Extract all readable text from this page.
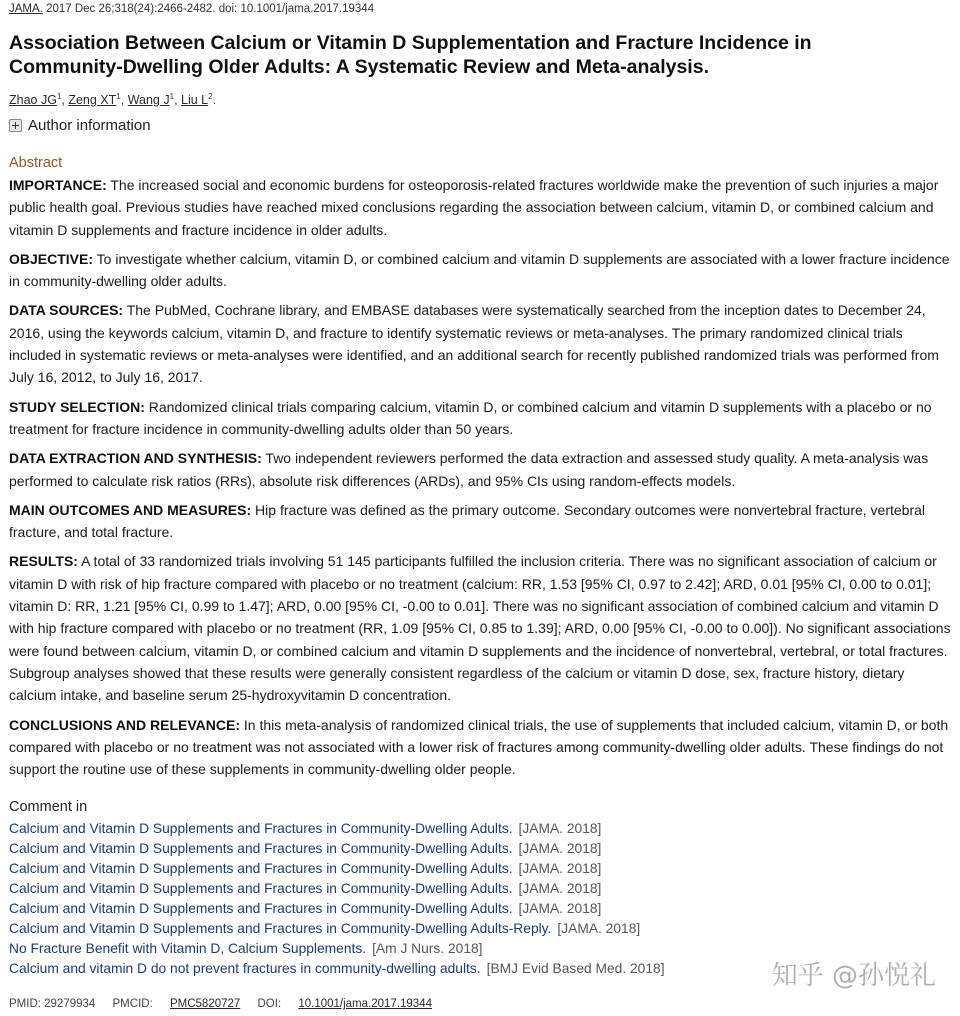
JAMA. 2017 Dec 26;318(24):2466-2482. doi: 10.1001/jama.2017.19344
Association Between Calcium or Vitamin D Supplementation and Fracture Incidence in Community-Dwelling Older Adults: A Systematic Review and Meta-analysis.
Zhao $JG^1$, Zeng $XT^1$, Wang $J^1$, Liu $L^2$.
Author information
Abstract

IMPORTANCE: The increased social and economic burdens for osteoporosis-related fractures worldwide make the prevention of such injuries a major public health goal. Previous studies have reached mixed conclusions regarding the association between calcium, vitamin D, or combined calcium and vitamin D supplements and fracture incidence in older adults.

OBJECTIVE: To investigate whether calcium, vitamin D, or combined calcium and vitamin D supplements are associated with a lower fracture incidence in community-dwelling older adults.

DATA SOURCES: The PubMed, Cochrane library, and EMBASE databases were systematically searched from the inception dates to December 24, 2016, using the keywords calcium, vitamin D, and fracture to identify systematic reviews or meta-analyses. The primary randomized clinical trials included in systematic reviews or meta-analyses were identified, and an additional search for recently published randomized trials was performed from July 16, 2012, to July 16, 2017.

STUDY SELECTION: Randomized clinical trials comparing calcium, vitamin D, or combined calcium and vitamin D supplements with a placebo or no treatment for fracture incidence in community-dwelling adults older than 50 years.

DATA EXTRACTION AND SYNTHESIS: Two independent reviewers performed the data extraction and assessed study quality. A meta-analysis was performed to calculate risk ratios (RRs), absolute risk differences (ARDs), and 95% CIs using random-effects models.

MAIN OUTCOMES AND MEASURES: Hip fracture was defined as the primary outcome. Secondary outcomes were nonvertebral fracture, vertebral fracture, and total fracture.

RESULTS: A total of 33 randomized trials involving 51 145 participants fulfilled the inclusion criteria. There was no significant association of calcium or vitamin D with risk of hip fracture compared with placebo or no treatment (calcium: RR, 1.53 [95% CI, 0.97 to 2.42]; ARD, 0.01 [95% CI, 0.00 to 0.01]; vitamin D: RR, 1.21 [95% CI, 0.99 to 1.47]; ARD, 0.00 [95% CI, -0.00 to 0.01]. There was no significant association of combined calcium and vitamin D with hip fracture compared with placebo or no treatment (RR, 1.09 [95% CI, 0.85 to 1.39]; ARD, 0.00 [95% CI, -0.00 to 0.00]). No significant associations were found between calcium, vitamin D, or combined calcium and vitamin D supplements and the incidence of nonvertebral, vertebral, or total fractures. Subgroup analyses showed that these results were generally consistent regardless of the calcium or vitamin D dose, sex, fracture history, dietary calcium intake, and baseline serum 25-hydroxyvitamin D concentration.

CONCLUSIONS AND RELEVANCE: In this meta-analysis of randomized clinical trials, the use of supplements that included calcium, vitamin D, or both compared with placebo or no treatment was not associated with a lower risk of fractures among community-dwelling older adults. These findings do not support the routine use of these supplements in community-dwelling older people.

Comment in
Calcium and Vitamin D Supplements and Fractures in Community-Dwelling Adults. [JAMA. 2018]
Calcium and Vitamin D Supplements and Fractures in Community-Dwelling Adults. [JAMA. 2018]
Calcium and Vitamin D Supplements and Fractures in Community-Dwelling Adults. [JAMA. 2018]
Calcium and Vitamin D Supplements and Fractures in Community-Dwelling Adults. [JAMA. 2018]
Calcium and Vitamin D Supplements and Fractures in Community-Dwelling Adults. [JAMA. 2018]
Calcium and Vitamin D Supplements and Fractures in Community-Dwelling Adults-Reply. [JAMA. 2018]
No Fracture Benefit with Vitamin D, Calcium Supplements. [Am J Nurs. 2018]
Calcium and vitamin D do not prevent fractures in community-dwelling adults. [BMJ Evid Based Med. 2018]
PMID: 29279934 PMCID: PMC5820727 DOI: 10.1001/jama.2017.19344
知乎 @孙悦礼
